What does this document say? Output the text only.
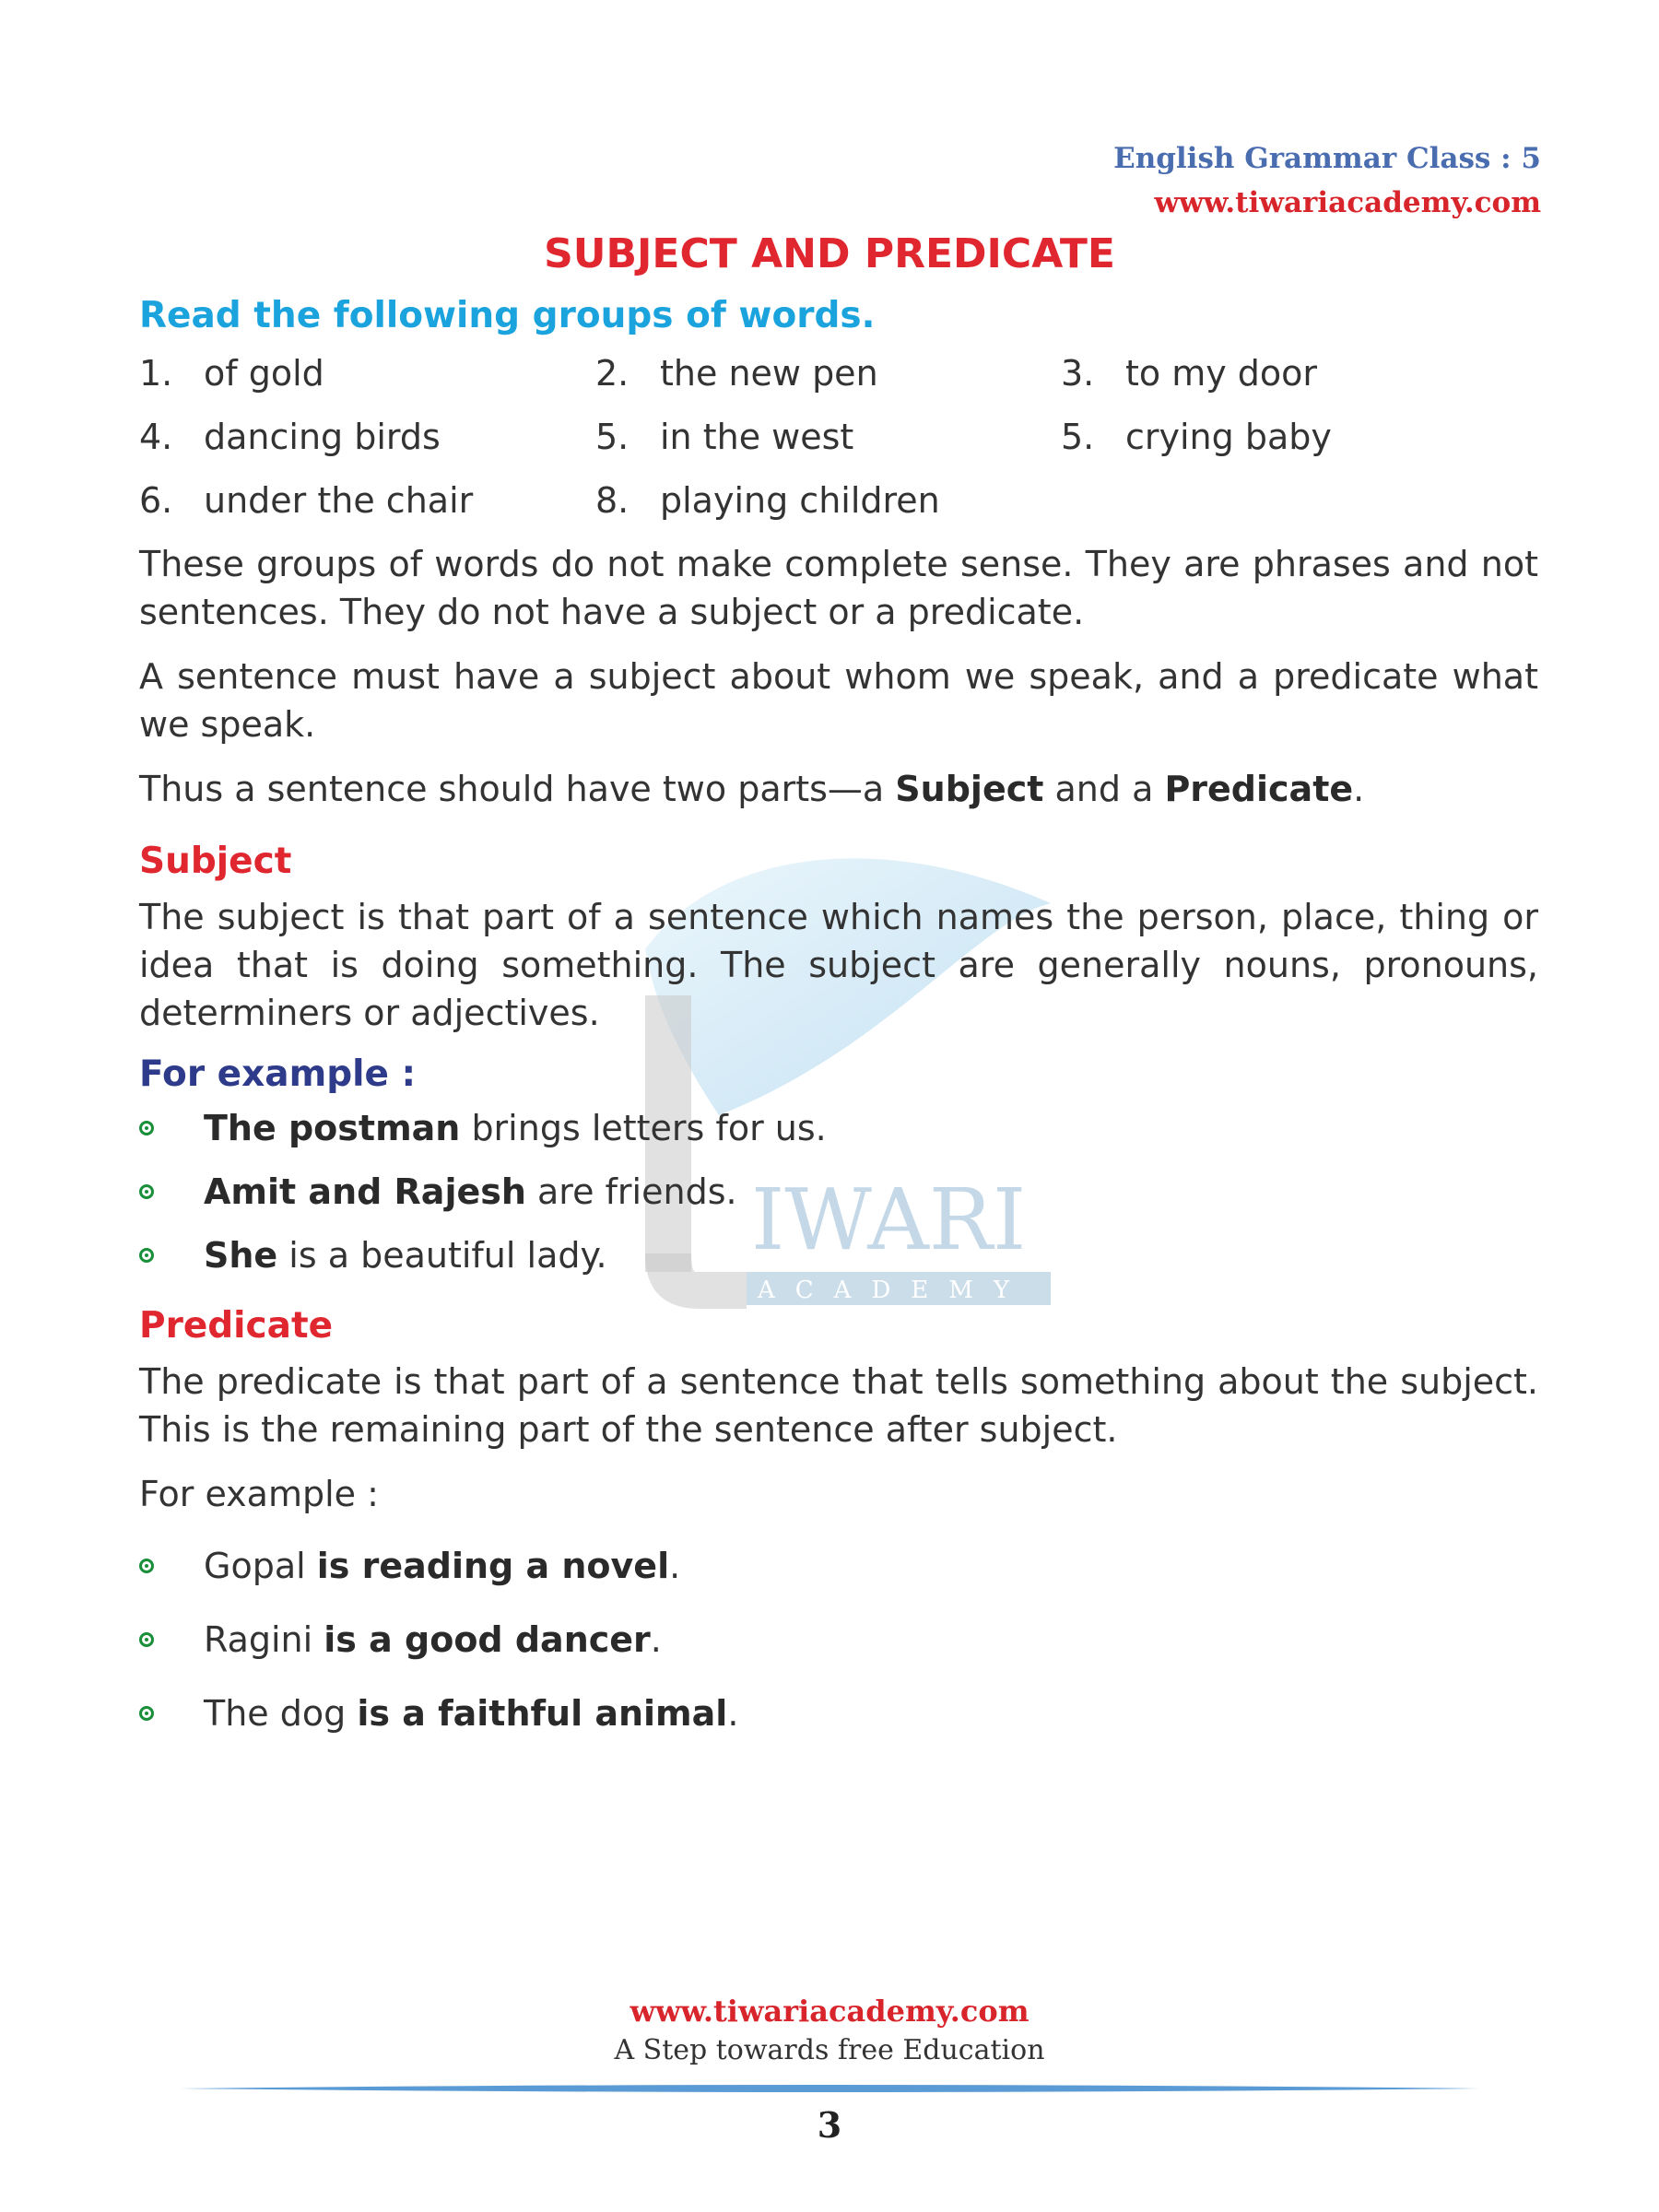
IWARI
ACADEMY
English Grammar Class : 5
www.tiwariacademy.com
SUBJECT AND PREDICATE
Read the following groups of words.
1. of gold	2. the new pen	3. to my door
4. dancing birds	5. in the west	5. crying baby
6. under the chair	8. playing children

These groups of words do not make complete sense. They are phrases and not sentences. They do not have a subject or a predicate.

A sentence must have a subject about whom we speak, and a predicate what we speak.

Thus a sentence should have two parts—a Subject and a Predicate.

Subject

The subject is that part of a sentence which names the person, place, thing or idea that is doing something. The subject are generally nouns, pronouns, determiners or adjectives.

For example :
The postman brings letters for us.
Amit and Rajesh are friends.
She is a beautiful lady.
Predicate

The predicate is that part of a sentence that tells something about the subject. This is the remaining part of the sentence after subject.

For example :

Gopal is reading a novel.
Ragini is a good dancer.
The dog is a faithful animal.
www.tiwariacademy.com
A Step towards free Education
3
